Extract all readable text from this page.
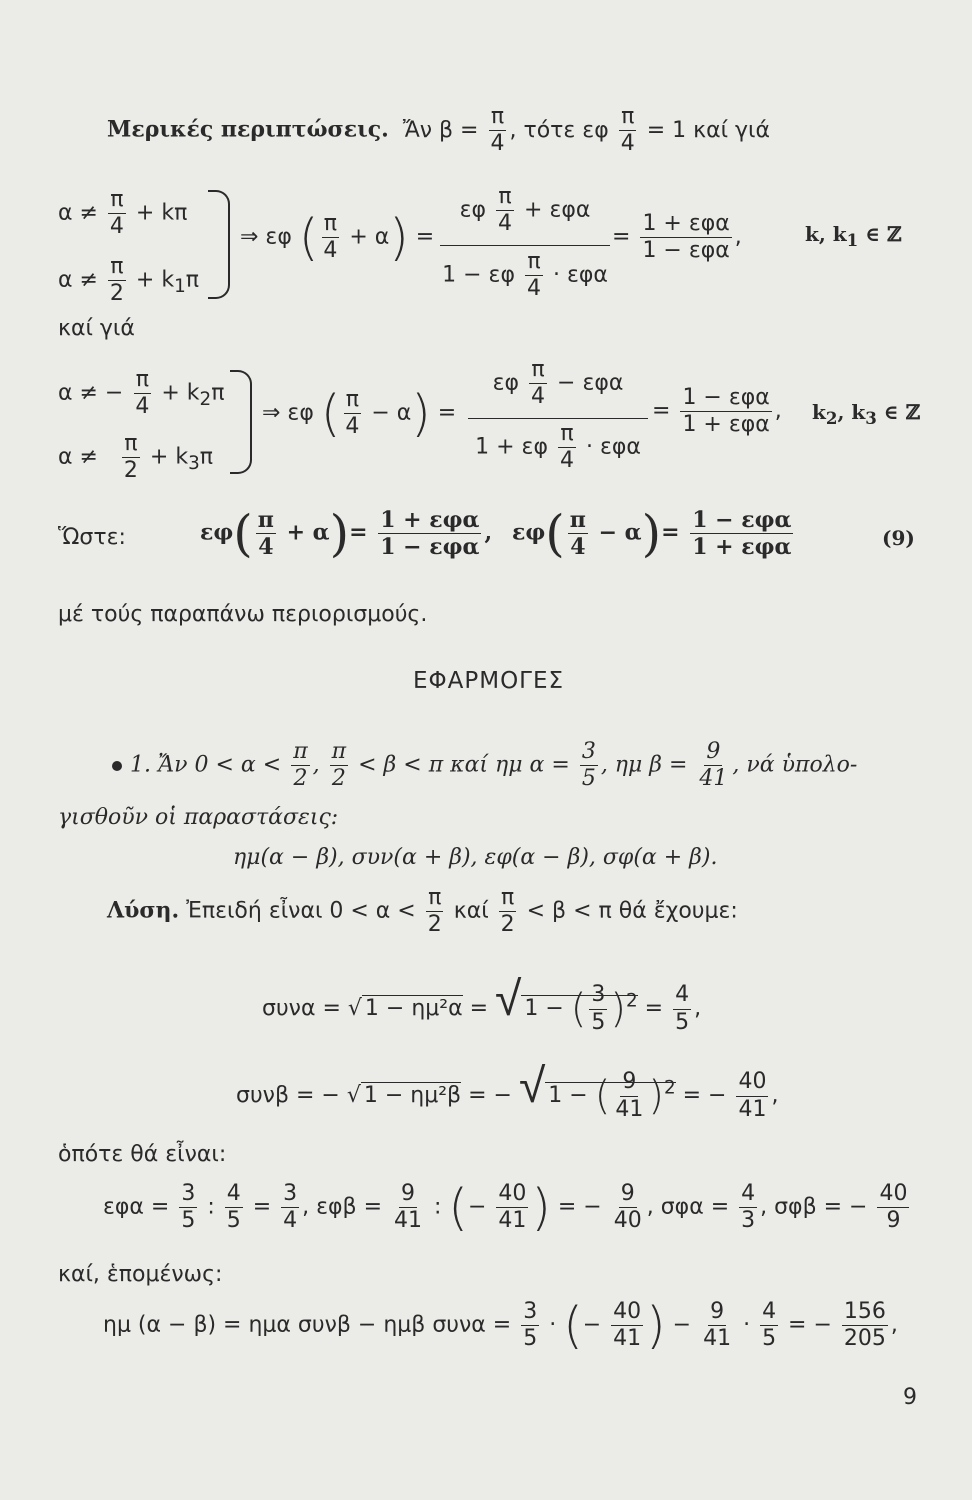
Μερικές περιπτώσεις.  Ἄν $\beta = \frac{\pi}{4}$ , τότε εφ $\frac{\pi}{4} = 1$ καί γιά
$\alpha \ne \frac{\pi}{4} + k\pi$
$\alpha \ne \frac{\pi}{2} + k_1\pi$
⇒ εφ ( $\frac{\pi}{4} + \alpha$) =
εφ $\frac{\pi}{4} + \varepsilon\varphi\alpha$
1 − εφ $\frac{\pi}{4} \cdot \varepsilon\varphi\alpha$
= $\frac{\text{1 + εφα}}{\text{1 − εφα}}$ ,	k, $k_1$ ∈ ℤ
καί γιά
α ≠ − $\frac{\pi}{4} + k_2\pi$
$\alpha \ne \frac{\pi}{2} + k_3\pi$
⇒ εφ ( $\frac{\pi}{4} - \alpha$) =
εφ $\frac{\pi}{4} - \varepsilon\varphi\alpha$
1 + εφ $\frac{\pi}{4} \cdot \varepsilon\varphi\alpha$
= $\frac{\text{1 − εφα}}{\text{1 + εφα}}$ , $k_2$, $k_3$ ∈ ℤ
Ὥστε:	$\varepsilon\varphi( \frac{\pi}{4} + \alpha)= \frac{\text{1 + εφα}}{\text{1 − εφα}}$ , $\varepsilon\varphi( \frac{\pi}{4} - \alpha)= \frac{\text{1 − εφα}}{\text{1 + εφα}}$	(9)
μέ τούς παραπάνω περιορισμούς.
ΕΦΑΡΜΟΓΕΣ
1. Ἄν $0 < \alpha < \frac{\pi}{2}$ , $\frac{\pi}{2} < \beta < \pi$ καί ημ $\alpha = \frac{3}{5}$ , ημ $\beta = \frac{9}{41}$ , νά ὑπολο-
γισθοῦν οἱ παραστάσεις:
ημ(α − β), συν(α + β), εφ(α − β), σφ(α + β).
Λύση. Ἐπειδή εἶναι $0 < \alpha < \frac{\pi}{2}$ καί $\frac{\pi}{2} < \beta < \pi$ θά ἔχουμε:
συνα = √ 1 − ημ²α = √ 1 − ( $\frac{3}{5} )^2 = \frac{4}{5}$ ,
συνβ = − √ 1 − ημ²β = − √ 1 − ( $\frac{9}{41} )^2$ = − $\frac{40}{41}$ ,
ὁπότε θά εἶναι:
$\varepsilon\varphi\alpha = \frac{3}{5}$ : $\frac{4}{5} = \frac{3}{4}$ , $\varepsilon\varphi\beta = \frac{9}{41}$ : (− $\frac{40}{41}$ ) = − $\frac{9}{40}$ , $\sigma\varphi\alpha = \frac{4}{3}$ , σφβ = − $\frac{40}{9}$
καί, ἑπομένως:
ημ (α − β) = ημα συνβ − ημβ $\sigma\upsilon\nu\alpha = \frac{3}{5}$ · (− $\frac{40}{41}$ ) − $\frac{9}{41} \cdot \frac{4}{5}$ = − $\frac{156}{205}$ ,
9
